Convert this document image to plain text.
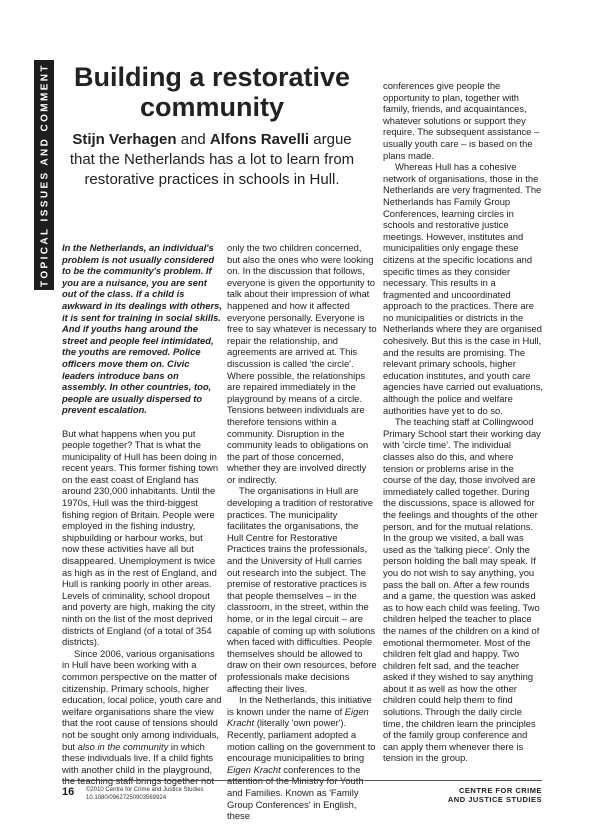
TOPICAL ISSUES AND COMMENT Building a restorative community

Stijn Verhagen and Alfons Ravelli argue that the Netherlands has a lot to learn from restorative practices in schools in Hull.

In the Netherlands, an individual's problem is not usually considered to be the community's problem. If you are a nuisance, you are sent out of the class. If a child is awkward in its dealings with others, it is sent for training in social skills. And if youths hang around the street and people feel intimidated, the youths are removed. Police officers move them on. Civic leaders introduce bans on assembly. In other countries, too, people are usually dispersed to prevent escalation.

But what happens when you put people together? That is what the municipality of Hull has been doing in recent years. This former fishing town on the east coast of England has around 230,000 inhabitants. Until the 1970s, Hull was the third-biggest fishing region of Britain. People were employed in the fishing industry, shipbuilding or harbour works, but now these activities have all but disappeared. Unemployment is twice as high as in the rest of England, and Hull is ranking poorly in other areas. Levels of criminality, school dropout and poverty are high, making the city ninth on the list of the most deprived districts of England (of a total of 354 districts).

Since 2006, various organisations in Hull have been working with a common perspective on the matter of citizenship. Primary schools, higher education, local police, youth care and welfare organisations share the view that the root cause of tensions should not be sought only among individuals, but also in the community in which these individuals live. If a child fights with another child in the playground,

only the two children concerned, but also the ones who were looking on. In the discussion that follows, everyone is given the opportunity to talk about their impression of what happened and how it affected everyone personally. Everyone is free to say whatever is necessary to repair the relationship, and agreements are arrived at. This discussion is called 'the circle'. Where possible, the relationships are repaired immediately in the playground by means of a circle. Tensions between individuals are therefore tensions within a community. Disruption in the community leads to obligations on the part of those concerned, whether they are involved directly or indirectly.

The organisations in Hull are developing a tradition of restorative practices. The municipality facilitates the organisations, the Hull Centre for Restorative Practices trains the professionals, and the University of Hull carries out research into the subject. The premise of restorative practices is that people themselves – in the classroom, in the street, within the home, or in the legal circuit – are capable of coming up with solutions when faced with difficulties. People themselves should be allowed to draw on their own resources, before professionals make decisions affecting their lives.

In the Netherlands, this initiative is known under the name of Eigen Kracht (literally 'own power'). Recently, parliament adopted a motion calling on the government to encourage municipalities to bring Eigen Kracht conferences to the and Families. Known as 'Family Group Conferences' in English, these

conferences give people the opportunity to plan, together with family, friends, and acquaintances, whatever solutions or support they require. The subsequent assistance – usually youth care – is based on the plans made.

Whereas Hull has a cohesive network of organisations, those in the Netherlands are very fragmented. The Netherlands has Family Group Conferences, learning circles in schools and restorative justice meetings. However, institutes and municipalities only engage these citizens at the specific locations and specific times as they consider necessary. This results in a fragmented and uncoordinated approach to the practices. There are no municipalities or districts in the Netherlands where they are organised cohesively. But this is the case in Hull, and the results are promising. The relevant primary schools, higher education institutes, and youth care agencies have carried out evaluations, although the police and welfare authorities have yet to do so.

The teaching staff at Collingwood Primary School start their working day with 'circle time'. The individual classes also do this, and where tension or problems arise in the course of the day, those involved are immediately called together. During the discussions, space is allowed for the feelings and thoughts of the other person, and for the mutual relations. In the group we visited, a ball was used as the 'talking piece'. Only the person holding the ball may speak. If you do not wish to say anything, you pass the ball on. After a few rounds and a game, the question was asked as to how each child was feeling. Two children helped the teacher to place the names of the children on a kind of emotional thermometer. Most of the children felt glad and happy. Two children felt sad, and the teacher asked if they wished to say anything about it as well as how the other children could help them to find solutions. Through the daily circle time, the children learn the principles of the family group conference and can apply them whenever there is tension in the group.

16 ©2010 Centre for Crime and Justice Studies
10.1080/09627250903569924
CENTRE FOR CRIME
AND JUSTICE STUDIES
